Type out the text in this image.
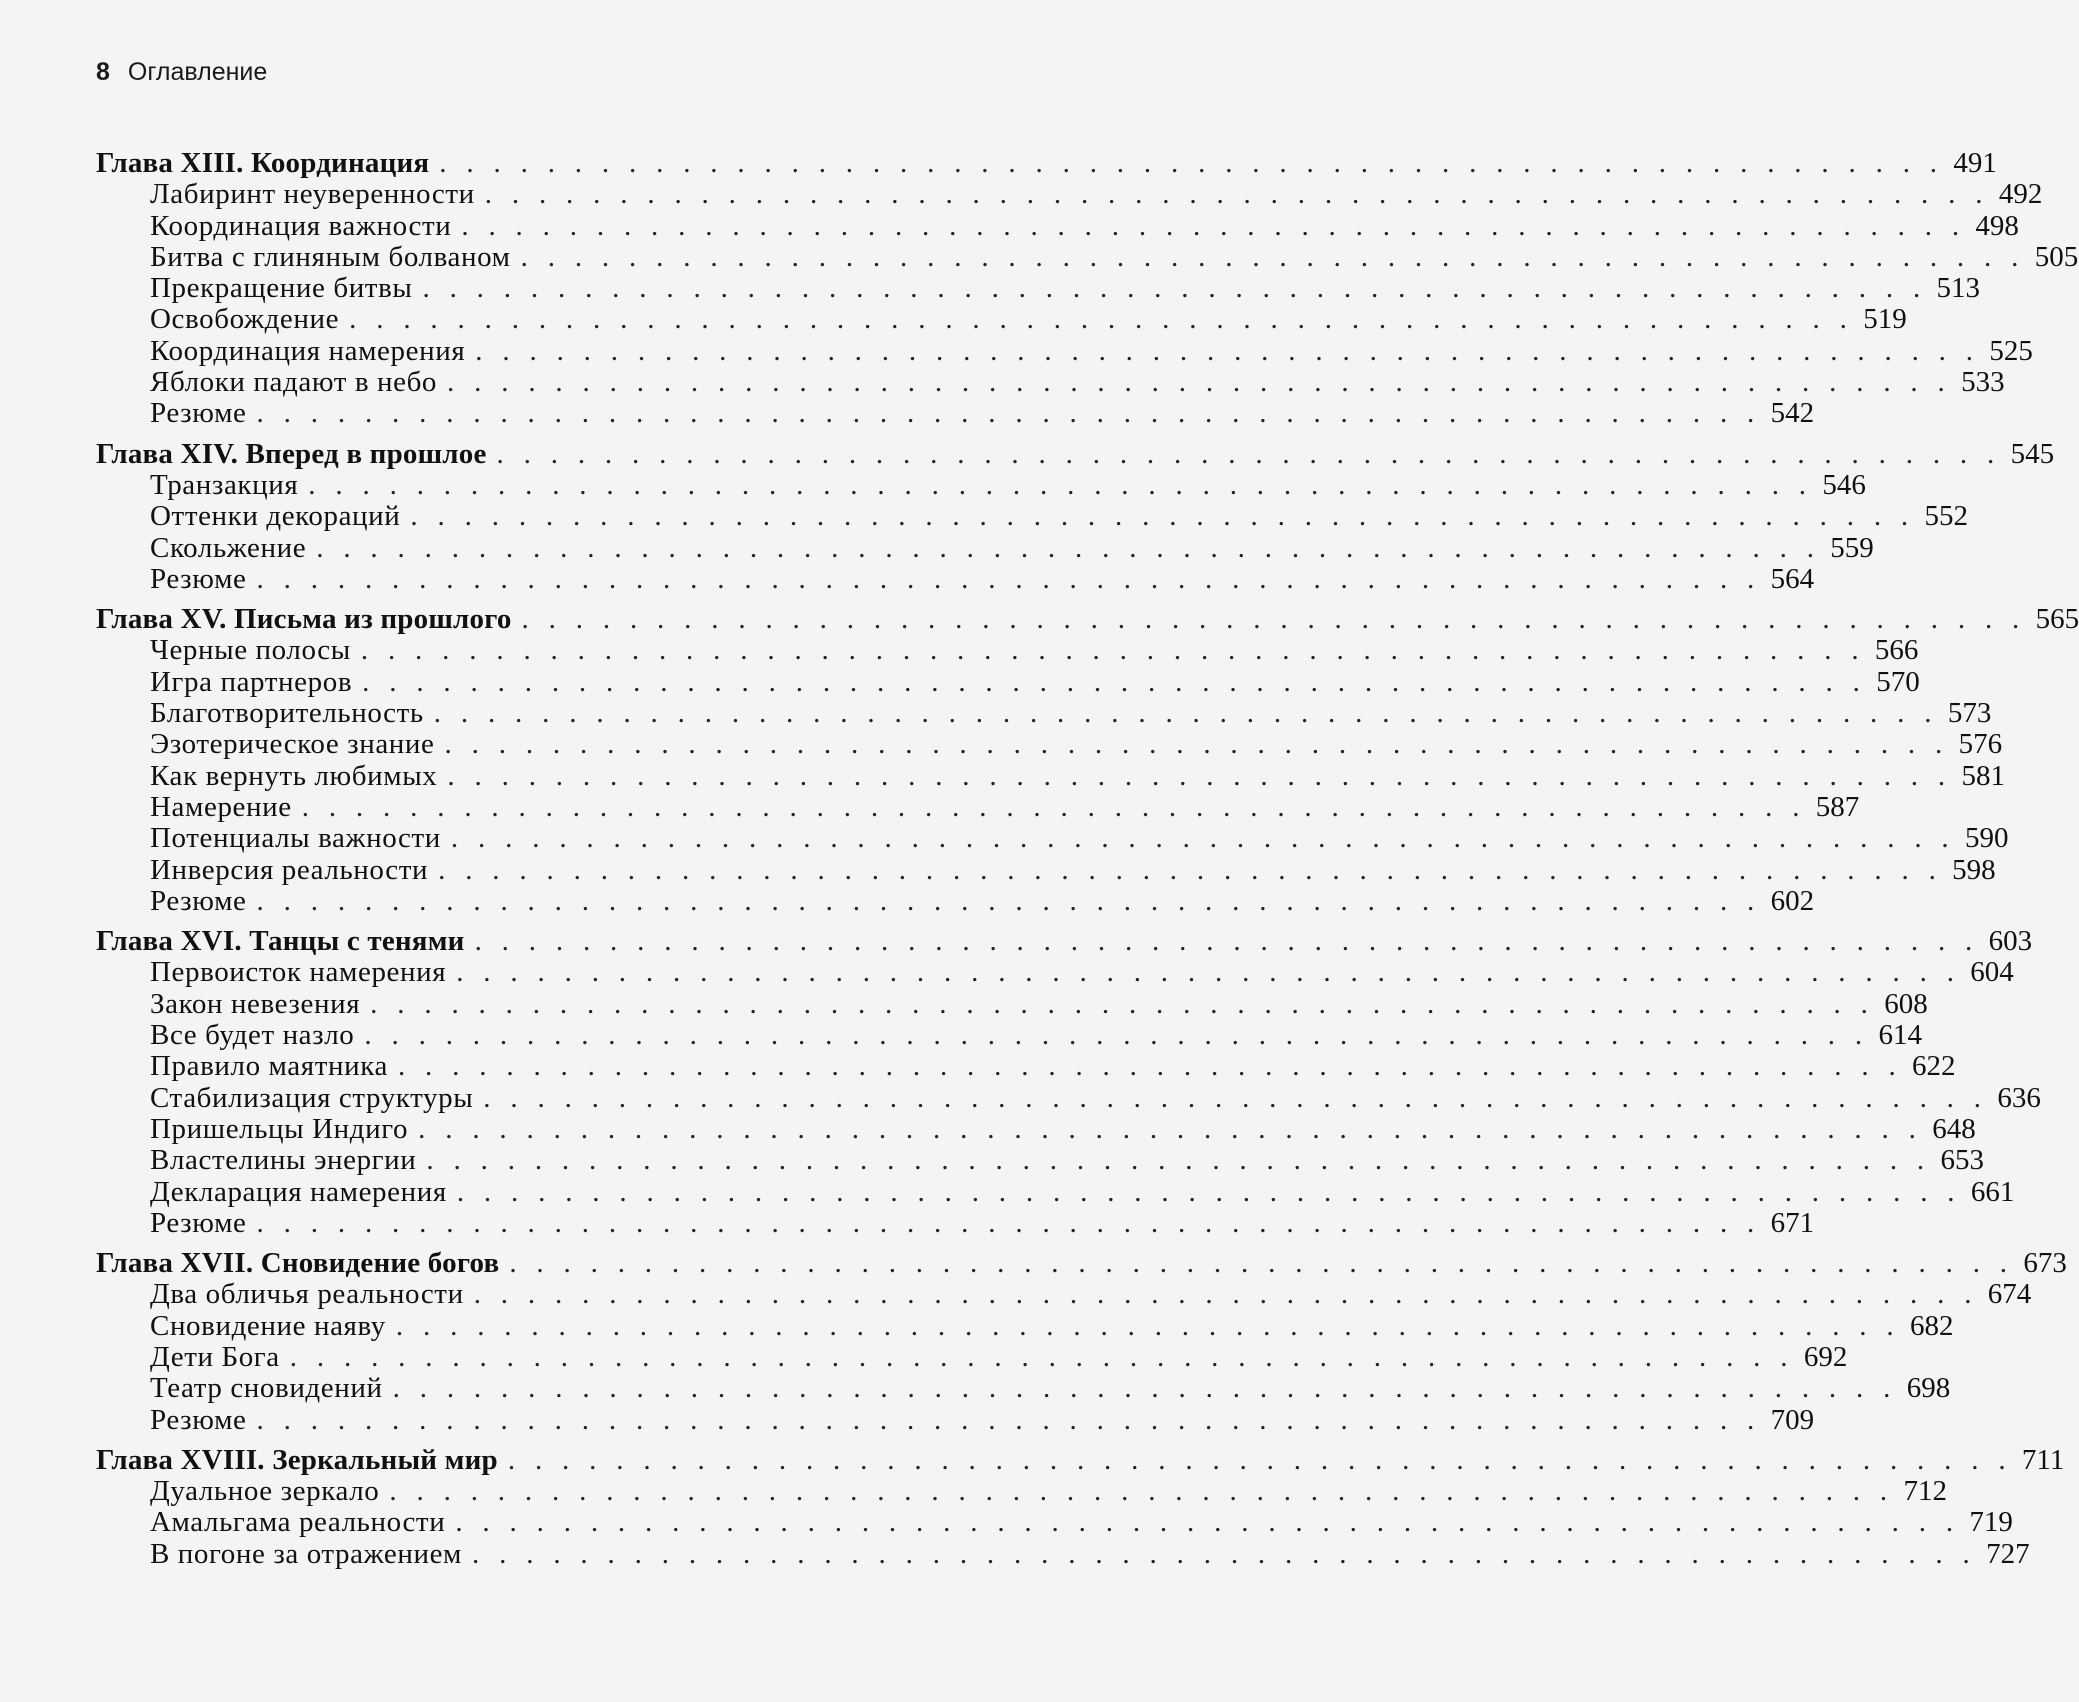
8 Оглавление
Глава XIII. Координация . . . . . . . . . . . . . . . . . . . . . . . . . . . . . . . . . . . . . . . . . . . . . . . . . . . . . . . . 491
Лабиринт неуверенности . . . . . . . . . . . . . . . . . . . . . . . . . . . . . . . . . . . . . . . . . . . . . . . . . . . . . . . . 492
Координация важности . . . . . . . . . . . . . . . . . . . . . . . . . . . . . . . . . . . . . . . . . . . . . . . . . . . . . . . . 498
Битва с глиняным болваном . . . . . . . . . . . . . . . . . . . . . . . . . . . . . . . . . . . . . . . . . . . . . . . . . . . . . . . . 505
Прекращение битвы . . . . . . . . . . . . . . . . . . . . . . . . . . . . . . . . . . . . . . . . . . . . . . . . . . . . . . . . 513
Освобождение . . . . . . . . . . . . . . . . . . . . . . . . . . . . . . . . . . . . . . . . . . . . . . . . . . . . . . . . 519
Координация намерения . . . . . . . . . . . . . . . . . . . . . . . . . . . . . . . . . . . . . . . . . . . . . . . . . . . . . . . . 525
Яблоки падают в небо . . . . . . . . . . . . . . . . . . . . . . . . . . . . . . . . . . . . . . . . . . . . . . . . . . . . . . . . 533
Резюме . . . . . . . . . . . . . . . . . . . . . . . . . . . . . . . . . . . . . . . . . . . . . . . . . . . . . . . . 542
Глава XIV. Вперед в прошлое . . . . . . . . . . . . . . . . . . . . . . . . . . . . . . . . . . . . . . . . . . . . . . . . . . . . . . . . 545
Транзакция . . . . . . . . . . . . . . . . . . . . . . . . . . . . . . . . . . . . . . . . . . . . . . . . . . . . . . . . 546
Оттенки декораций . . . . . . . . . . . . . . . . . . . . . . . . . . . . . . . . . . . . . . . . . . . . . . . . . . . . . . . . 552
Скольжение . . . . . . . . . . . . . . . . . . . . . . . . . . . . . . . . . . . . . . . . . . . . . . . . . . . . . . . . 559
Резюме . . . . . . . . . . . . . . . . . . . . . . . . . . . . . . . . . . . . . . . . . . . . . . . . . . . . . . . . 564
Глава XV. Письма из прошлого . . . . . . . . . . . . . . . . . . . . . . . . . . . . . . . . . . . . . . . . . . . . . . . . . . . . . . . . 565
Черные полосы . . . . . . . . . . . . . . . . . . . . . . . . . . . . . . . . . . . . . . . . . . . . . . . . . . . . . . . . 566
Игра партнеров . . . . . . . . . . . . . . . . . . . . . . . . . . . . . . . . . . . . . . . . . . . . . . . . . . . . . . . . 570
Благотворительность . . . . . . . . . . . . . . . . . . . . . . . . . . . . . . . . . . . . . . . . . . . . . . . . . . . . . . . . 573
Эзотерическое знание . . . . . . . . . . . . . . . . . . . . . . . . . . . . . . . . . . . . . . . . . . . . . . . . . . . . . . . . 576
Как вернуть любимых . . . . . . . . . . . . . . . . . . . . . . . . . . . . . . . . . . . . . . . . . . . . . . . . . . . . . . . . 581
Намерение . . . . . . . . . . . . . . . . . . . . . . . . . . . . . . . . . . . . . . . . . . . . . . . . . . . . . . . . 587
Потенциалы важности . . . . . . . . . . . . . . . . . . . . . . . . . . . . . . . . . . . . . . . . . . . . . . . . . . . . . . . . 590
Инверсия реальности . . . . . . . . . . . . . . . . . . . . . . . . . . . . . . . . . . . . . . . . . . . . . . . . . . . . . . . . 598
Резюме . . . . . . . . . . . . . . . . . . . . . . . . . . . . . . . . . . . . . . . . . . . . . . . . . . . . . . . . 602
Глава XVI. Танцы с тенями . . . . . . . . . . . . . . . . . . . . . . . . . . . . . . . . . . . . . . . . . . . . . . . . . . . . . . . . 603
Первоисток намерения . . . . . . . . . . . . . . . . . . . . . . . . . . . . . . . . . . . . . . . . . . . . . . . . . . . . . . . . 604
Закон невезения . . . . . . . . . . . . . . . . . . . . . . . . . . . . . . . . . . . . . . . . . . . . . . . . . . . . . . . . 608
Все будет назло . . . . . . . . . . . . . . . . . . . . . . . . . . . . . . . . . . . . . . . . . . . . . . . . . . . . . . . . 614
Правило маятника . . . . . . . . . . . . . . . . . . . . . . . . . . . . . . . . . . . . . . . . . . . . . . . . . . . . . . . . 622
Стабилизация структуры . . . . . . . . . . . . . . . . . . . . . . . . . . . . . . . . . . . . . . . . . . . . . . . . . . . . . . . . 636
Пришельцы Индиго . . . . . . . . . . . . . . . . . . . . . . . . . . . . . . . . . . . . . . . . . . . . . . . . . . . . . . . . 648
Властелины энергии . . . . . . . . . . . . . . . . . . . . . . . . . . . . . . . . . . . . . . . . . . . . . . . . . . . . . . . . 653
Декларация намерения . . . . . . . . . . . . . . . . . . . . . . . . . . . . . . . . . . . . . . . . . . . . . . . . . . . . . . . . 661
Резюме . . . . . . . . . . . . . . . . . . . . . . . . . . . . . . . . . . . . . . . . . . . . . . . . . . . . . . . . 671
Глава XVII. Сновидение богов . . . . . . . . . . . . . . . . . . . . . . . . . . . . . . . . . . . . . . . . . . . . . . . . . . . . . . . . 673
Два обличья реальности . . . . . . . . . . . . . . . . . . . . . . . . . . . . . . . . . . . . . . . . . . . . . . . . . . . . . . . . 674
Сновидение наяву . . . . . . . . . . . . . . . . . . . . . . . . . . . . . . . . . . . . . . . . . . . . . . . . . . . . . . . . 682
Дети Бога . . . . . . . . . . . . . . . . . . . . . . . . . . . . . . . . . . . . . . . . . . . . . . . . . . . . . . . . 692
Театр сновидений . . . . . . . . . . . . . . . . . . . . . . . . . . . . . . . . . . . . . . . . . . . . . . . . . . . . . . . . 698
Резюме . . . . . . . . . . . . . . . . . . . . . . . . . . . . . . . . . . . . . . . . . . . . . . . . . . . . . . . . 709
Глава XVIII. Зеркальный мир . . . . . . . . . . . . . . . . . . . . . . . . . . . . . . . . . . . . . . . . . . . . . . . . . . . . . . . . 711
Дуальное зеркало . . . . . . . . . . . . . . . . . . . . . . . . . . . . . . . . . . . . . . . . . . . . . . . . . . . . . . . . 712
Амальгама реальности . . . . . . . . . . . . . . . . . . . . . . . . . . . . . . . . . . . . . . . . . . . . . . . . . . . . . . . . 719
В погоне за отражением . . . . . . . . . . . . . . . . . . . . . . . . . . . . . . . . . . . . . . . . . . . . . . . . . . . . . . . . 727
